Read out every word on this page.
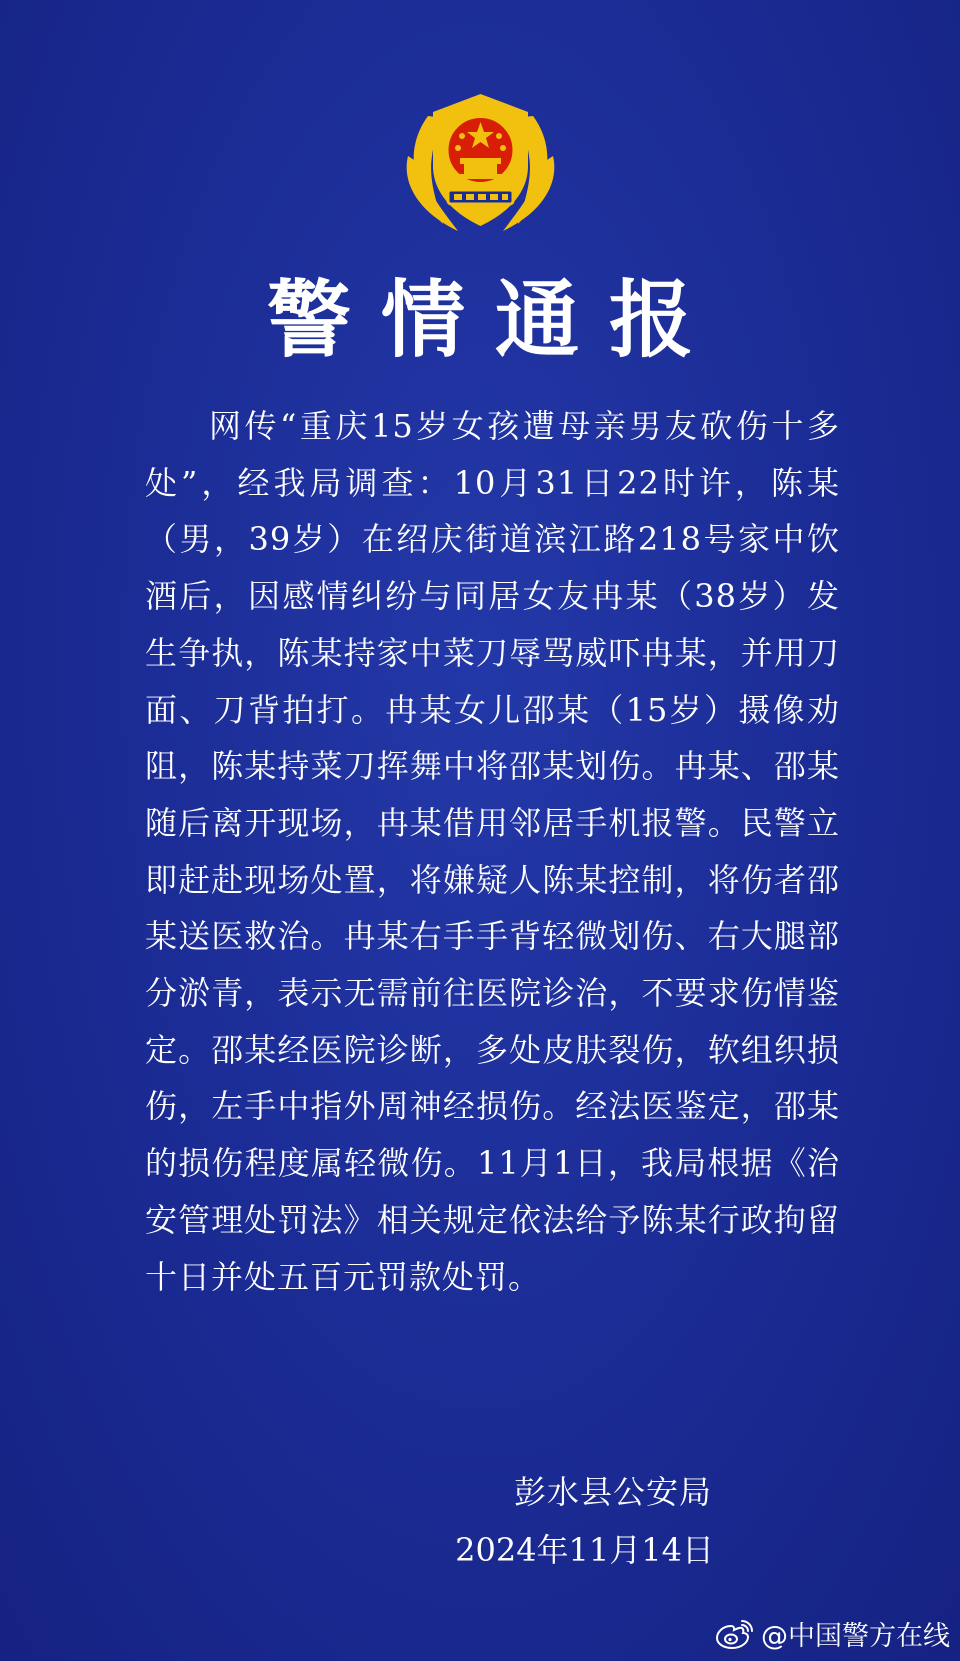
警情通报

网传“重庆15岁女孩遭母亲男友砍伤十多处”，经我局调查：10月31日22时许，陈某（男，39岁）在绍庆街道滨江路218号家中饮酒后，因感情纠纷与同居女友冉某（38岁）发生争执，陈某持家中菜刀辱骂威吓冉某，并用刀面、刀背拍打。冉某女儿邵某（15岁）摄像劝阻，陈某持菜刀挥舞中将邵某划伤。冉某、邵某随后离开现场，冉某借用邻居手机报警。民警立即赶赴现场处置，将嫌疑人陈某控制，将伤者邵某送医救治。冉某右手手背轻微划伤、右大腿部分淤青，表示无需前往医院诊治，不要求伤情鉴定。邵某经医院诊断，多处皮肤裂伤，软组织损伤，左手中指外周神经损伤。经法医鉴定，邵某的损伤程度属轻微伤。11月1日，我局根据《治安管理处罚法》相关规定依法给予陈某行政拘留十日并处五百元罚款处罚。

彭水县公安局
2024年11月14日
@中国警方在线
